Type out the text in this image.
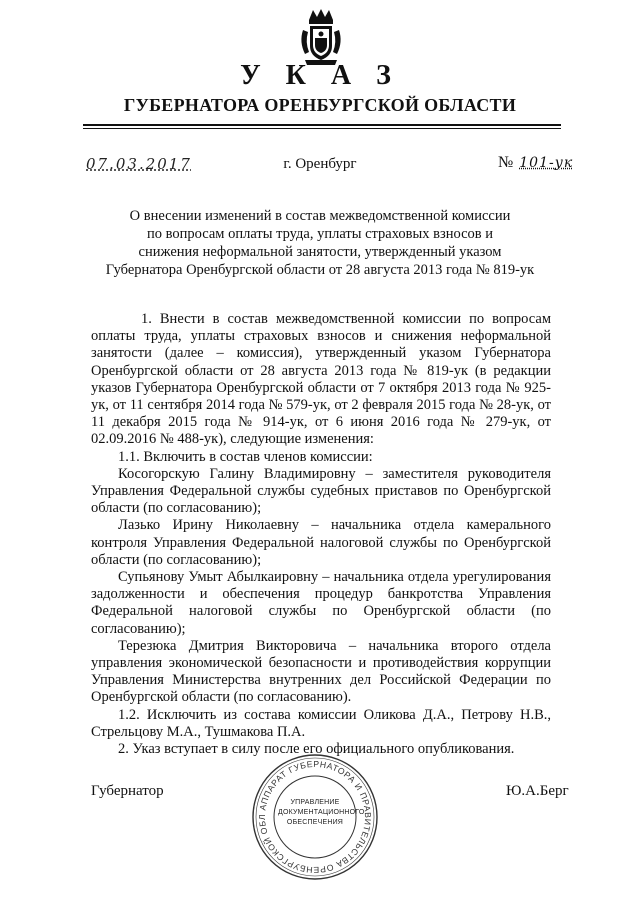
У К А З
ГУБЕРНАТОРА ОРЕНБУРГСКОЙ ОБЛАСТИ
07.03.2017	г. Оренбург	№ 101-ук
О внесении изменений в состав межведомственной комиссии
по вопросам оплаты труда, уплаты страховых взносов и
снижения неформальной занятости, утвержденный указом
Губернатора Оренбургской области от 28 августа 2013 года № 819-ук

1. Внести в состав межведомственной комиссии по вопросам оплаты труда, уплаты страховых взносов и снижения неформальной занятости (далее – комиссия), утвержденный указом Губернатора Оренбургской области от 28 августа 2013 года № 819-ук (в редакции указов Губернатора Оренбургской области от 7 октября 2013 года № 925-ук, от 11 сентября 2014 года № 579-ук, от 2 февраля 2015 года № 28-ук, от 11 декабря 2015 года № 914-ук, от 6 июня 2016 года № 279-ук, от 02.09.2016 № 488-ук), следующие изменения:

1.1. Включить в состав членов комиссии:

Косогорскую Галину Владимировну – заместителя руководителя Управления Федеральной службы судебных приставов по Оренбургской области (по согласованию);

Лазько Ирину Николаевну – начальника отдела камерального контроля Управления Федеральной налоговой службы по Оренбургской области (по согласованию);

Супьянову Умыт Абылкаировну – начальника отдела урегулирования задолженности и обеспечения процедур банкротства Управления Федеральной налоговой службы по Оренбургской области (по согласованию);

Терезюка Дмитрия Викторовича – начальника второго отдела управления экономической безопасности и противодействия коррупции Управления Министерства внутренних дел Российской Федерации по Оренбургской области (по согласованию).

1.2. Исключить из состава комиссии Оликова Д.А., Петрову Н.В., Стрельцову М.А., Тушмакова П.А.

2. Указ вступает в силу после его официального опубликования.

Губернатор	Ю.А.Берг
АППАРАТ ГУБЕРНАТОРА И ПРАВИТЕЛЬСТВА ОРЕНБУРГСКОЙ ОБЛ
УПРАВЛЕНИЕ
ДОКУМЕНТАЦИОННОГО
ОБЕСПЕЧЕНИЯ
